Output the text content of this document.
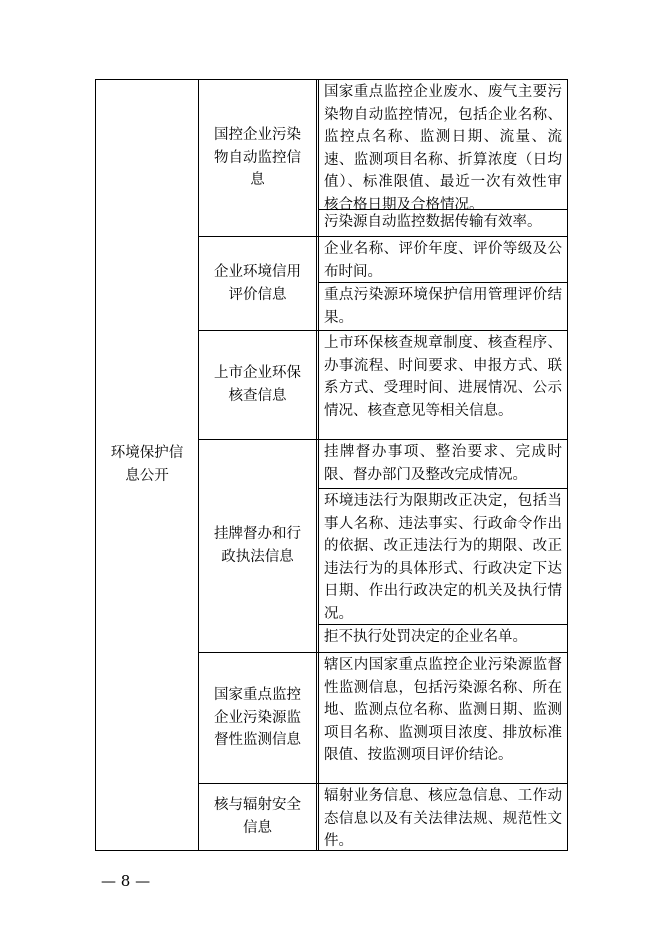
环境保护信息公开
国控企业污染物自动监控信息
企业环境信用评价信息
上市企业环保核查信息
挂牌督办和行政执法信息
国家重点监控企业污染源监督性监测信息
核与辐射安全信息
国家重点监控企业废水、废气主要污染物自动监控情况，包括企业名称、监控点名称、监测日期、流量、流速、监测项目名称、折算浓度（日均值）、标准限值、最近一次有效性审核合格日期及合格情况。
污染源自动监控数据传输有效率。
企业名称、评价年度、评价等级及公布时间。
重点污染源环境保护信用管理评价结果。
上市环保核查规章制度、核查程序、办事流程、时间要求、申报方式、联系方式、受理时间、进展情况、公示情况、核查意见等相关信息。
挂牌督办事项、整治要求、完成时限、督办部门及整改完成情况。
环境违法行为限期改正决定，包括当事人名称、违法事实、行政命令作出的依据、改正违法行为的期限、改正违法行为的具体形式、行政决定下达日期、作出行政决定的机关及执行情况。
拒不执行处罚决定的企业名单。
辖区内国家重点监控企业污染源监督性监测信息，包括污染源名称、所在地、监测点位名称、监测日期、监测项目名称、监测项目浓度、排放标准限值、按监测项目评价结论。
辐射业务信息、核应急信息、工作动态信息以及有关法律法规、规范性文件。
— 8 —
